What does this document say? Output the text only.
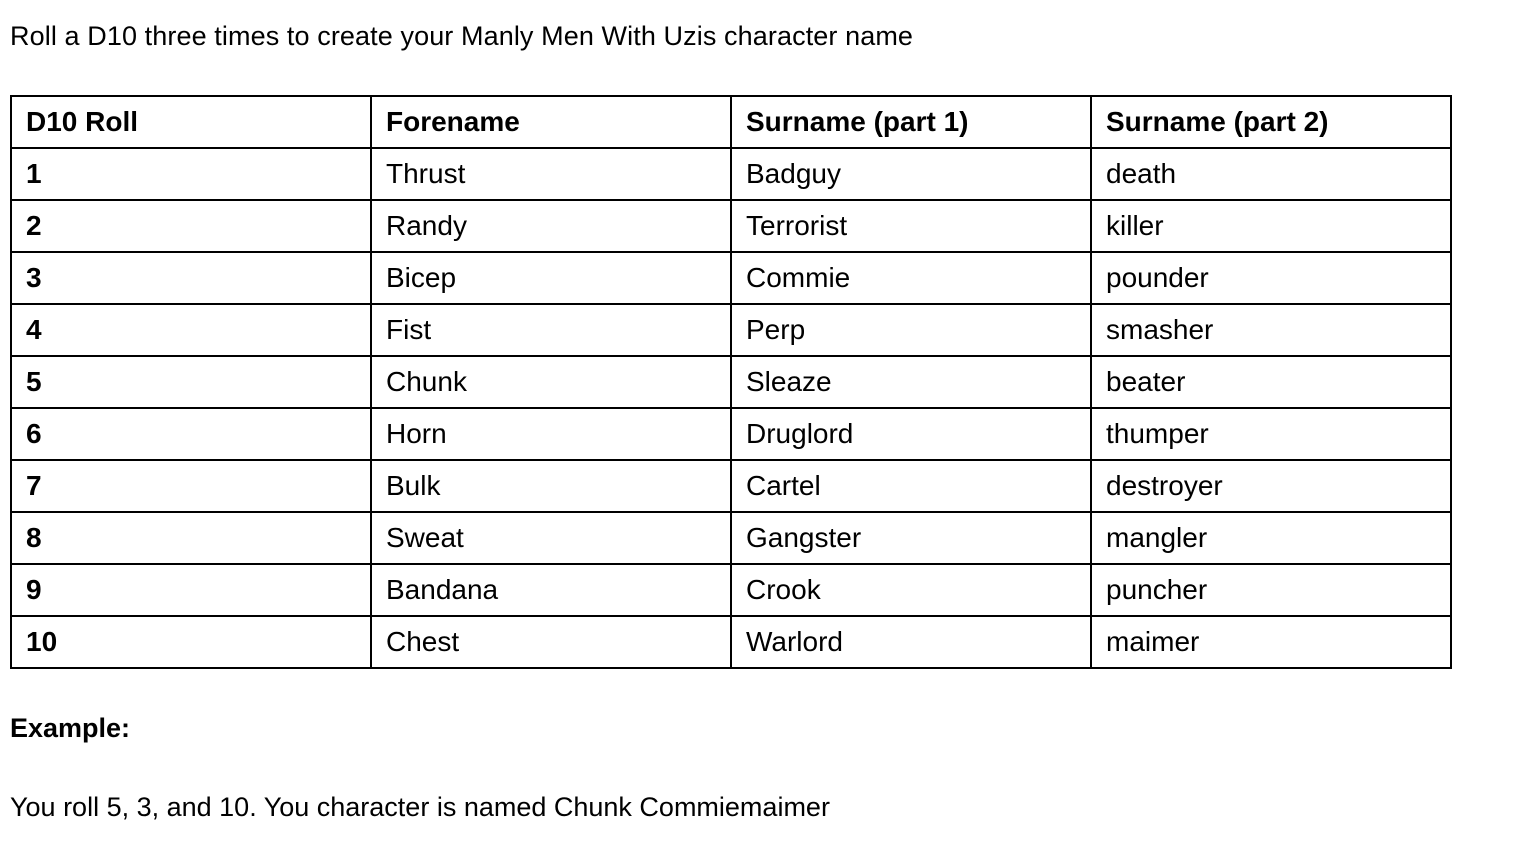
Roll a D10 three times to create your Manly Men With Uzis character name
D10 Roll	Forename	Surname (part 1)	Surname (part 2)
1	Thrust	Badguy	death
2	Randy	Terrorist	killer
3	Bicep	Commie	pounder
4	Fist	Perp	smasher
5	Chunk	Sleaze	beater
6	Horn	Druglord	thumper
7	Bulk	Cartel	destroyer
8	Sweat	Gangster	mangler
9	Bandana	Crook	puncher
10	Chest	Warlord	maimer
Example:
You roll 5, 3, and 10. You character is named Chunk Commiemaimer
